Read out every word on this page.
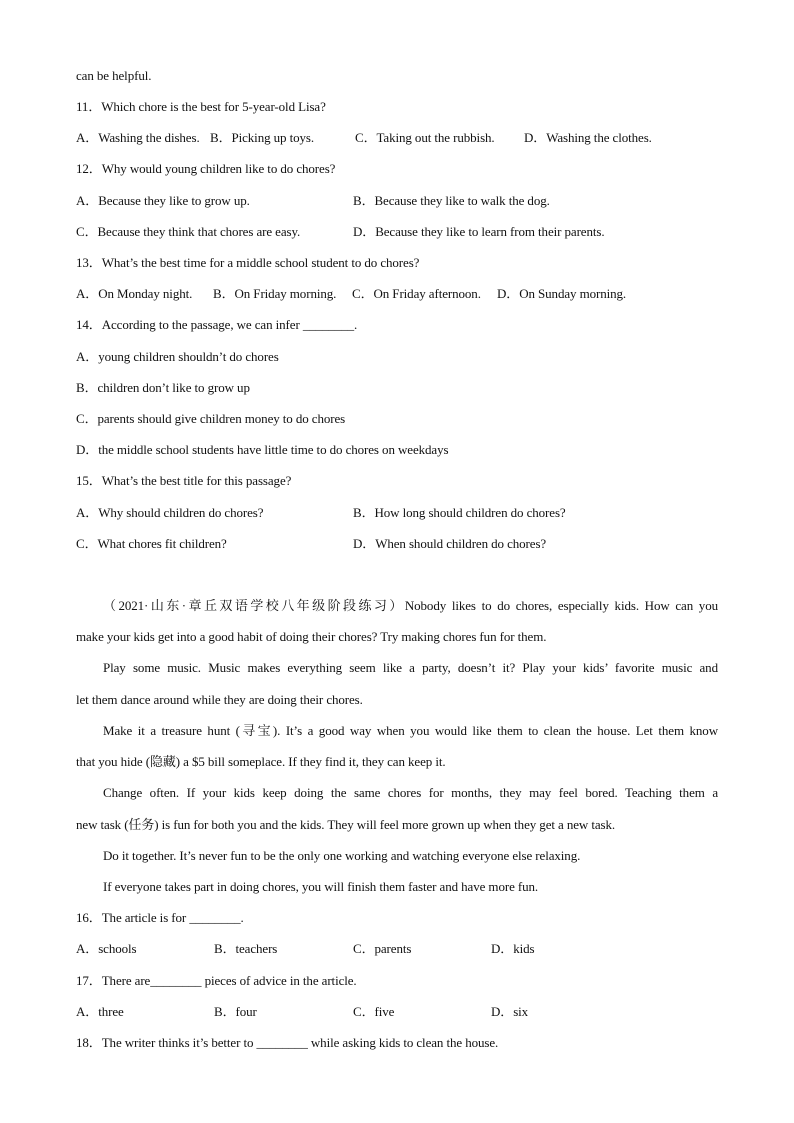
can be helpful.
11．Which chore is the best for 5-year-old Lisa?
A．Washing the dishes. B．Picking up toys.	C．Taking out the rubbish. D．Washing the clothes.
12．Why would young children like to do chores?
A．Because they like to grow up.	B．Because they like to walk the dog.
C．Because they think that chores are easy.	D．Because they like to learn from their parents.
13．What’s the best time for a middle school student to do chores?
A．On Monday night. B．On Friday morning. C．On Friday afternoon. D．On Sunday morning.
14．According to the passage, we can infer ________.
A．young children shouldn’t do chores
B．children don’t like to grow up
C．parents should give children money to do chores
D．the middle school students have little time to do chores on weekdays
15．What’s the best title for this passage?
A．Why should children do chores?	B．How long should children do chores?
C．What chores fit children?	D．When should children do chores?
（2021·山东·章丘双语学校八年级阶段练习）Nobody likes to do chores, especially kids. How can you
make your kids get into a good habit of doing their chores? Try making chores fun for them.
Play some music. Music makes everything seem like a party, doesn’t it? Play your kids’ favorite music and
let them dance around while they are doing their chores.
Make it a treasure hunt (寻宝). It’s a good way when you would like them to clean the house. Let them know
that you hide (隐藏) a $5 bill someplace. If they find it, they can keep it.
Change often. If your kids keep doing the same chores for months, they may feel bored. Teaching them a
new task (任务) is fun for both you and the kids. They will feel more grown up when they get a new task.
Do it together. It’s never fun to be the only one working and watching everyone else relaxing.
If everyone takes part in doing chores, you will finish them faster and have more fun.
16．The article is for ________.
A．schools	B．teachers	C．parents	D．kids
17．There are________ pieces of advice in the article.
A．three	B．four	C．five	D．six
18．The writer thinks it’s better to ________ while asking kids to clean the house.
